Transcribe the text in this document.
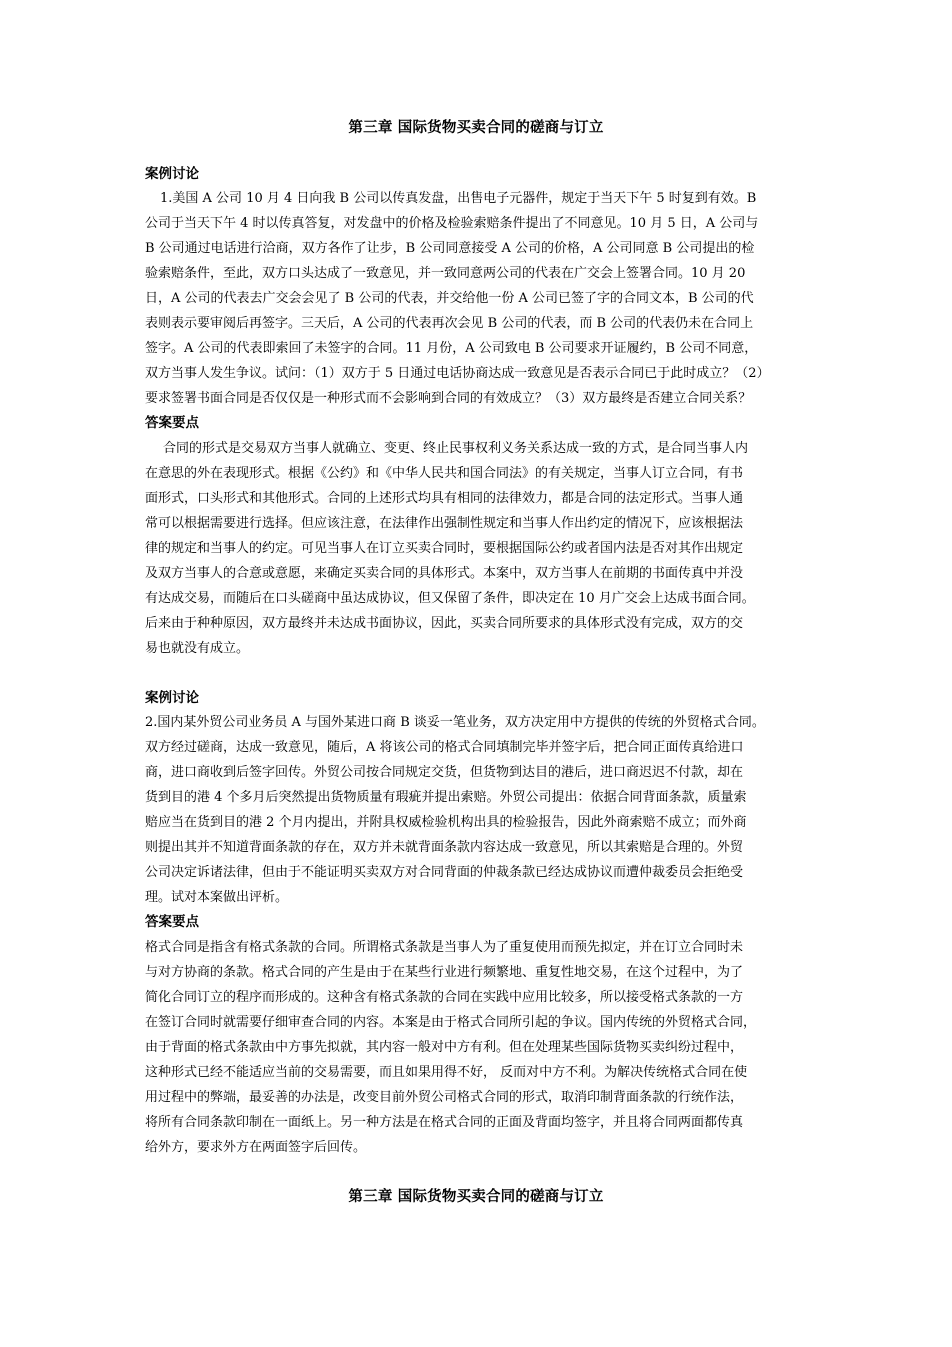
第三章 国际货物买卖合同的磋商与订立
案例讨论
1.美国 A 公司 10 月 4 日向我 B 公司以传真发盘，出售电子元器件，规定于当天下午 5 时复到有效。B
公司于当天下午 4 时以传真答复，对发盘中的价格及检验索赔条件提出了不同意见。10 月 5 日，A 公司与
B 公司通过电话进行洽商，双方各作了让步，B 公司同意接受 A 公司的价格，A 公司同意 B 公司提出的检
验索赔条件，至此，双方口头达成了一致意见，并一致同意两公司的代表在广交会上签署合同。10 月 20
日，A 公司的代表去广交会会见了 B 公司的代表，并交给他一份 A 公司已签了字的合同文本，B 公司的代
表则表示要审阅后再签字。三天后，A 公司的代表再次会见 B 公司的代表，而 B 公司的代表仍未在合同上
签字。A 公司的代表即索回了未签字的合同。11 月份，A 公司致电 B 公司要求开证履约，B 公司不同意，
双方当事人发生争议。试问：（1）双方于 5 日通过电话协商达成一致意见是否表示合同已于此时成立？（2）
要求签署书面合同是否仅仅是一种形式而不会影响到合同的有效成立？（3）双方最终是否建立合同关系？
答案要点
合同的形式是交易双方当事人就确立、变更、终止民事权利义务关系达成一致的方式，是合同当事人内
在意思的外在表现形式。根据《公约》和《中华人民共和国合同法》的有关规定，当事人订立合同，有书
面形式，口头形式和其他形式。合同的上述形式均具有相同的法律效力，都是合同的法定形式。当事人通
常可以根据需要进行选择。但应该注意，在法律作出强制性规定和当事人作出约定的情况下，应该根据法
律的规定和当事人的约定。可见当事人在订立买卖合同时，要根据国际公约或者国内法是否对其作出规定
及双方当事人的合意或意愿，来确定买卖合同的具体形式。本案中，双方当事人在前期的书面传真中并没
有达成交易，而随后在口头磋商中虽达成协议，但又保留了条件，即决定在 10 月广交会上达成书面合同。
后来由于种种原因，双方最终并未达成书面协议，因此，买卖合同所要求的具体形式没有完成，双方的交
易也就没有成立。
案例讨论
2.国内某外贸公司业务员 A 与国外某进口商 B 谈妥一笔业务，双方决定用中方提供的传统的外贸格式合同。
双方经过磋商，达成一致意见，随后，A 将该公司的格式合同填制完毕并签字后，把合同正面传真给进口
商，进口商收到后签字回传。外贸公司按合同规定交货，但货物到达目的港后，进口商迟迟不付款，却在
货到目的港 4 个多月后突然提出货物质量有瑕疵并提出索赔。外贸公司提出：依据合同背面条款，质量索
赔应当在货到目的港 2 个月内提出，并附具权威检验机构出具的检验报告，因此外商索赔不成立；而外商
则提出其并不知道背面条款的存在，双方并未就背面条款内容达成一致意见，所以其索赔是合理的。外贸
公司决定诉诸法律，但由于不能证明买卖双方对合同背面的仲裁条款已经达成协议而遭仲裁委员会拒绝受
理。试对本案做出评析。
答案要点
格式合同是指含有格式条款的合同。所谓格式条款是当事人为了重复使用而预先拟定，并在订立合同时未
与对方协商的条款。格式合同的产生是由于在某些行业进行频繁地、重复性地交易，在这个过程中，为了
简化合同订立的程序而形成的。这种含有格式条款的合同在实践中应用比较多，所以接受格式条款的一方
在签订合同时就需要仔细审查合同的内容。本案是由于格式合同所引起的争议。国内传统的外贸格式合同，
由于背面的格式条款由中方事先拟就，其内容一般对中方有利。但在处理某些国际货物买卖纠纷过程中，
这种形式已经不能适应当前的交易需要，而且如果用得不好， 反而对中方不利。为解决传统格式合同在使
用过程中的弊端，最妥善的办法是，改变目前外贸公司格式合同的形式，取消印制背面条款的行统作法，
将所有合同条款印制在一面纸上。另一种方法是在格式合同的正面及背面均签字，并且将合同两面都传真
给外方，要求外方在两面签字后回传。
第三章 国际货物买卖合同的磋商与订立
